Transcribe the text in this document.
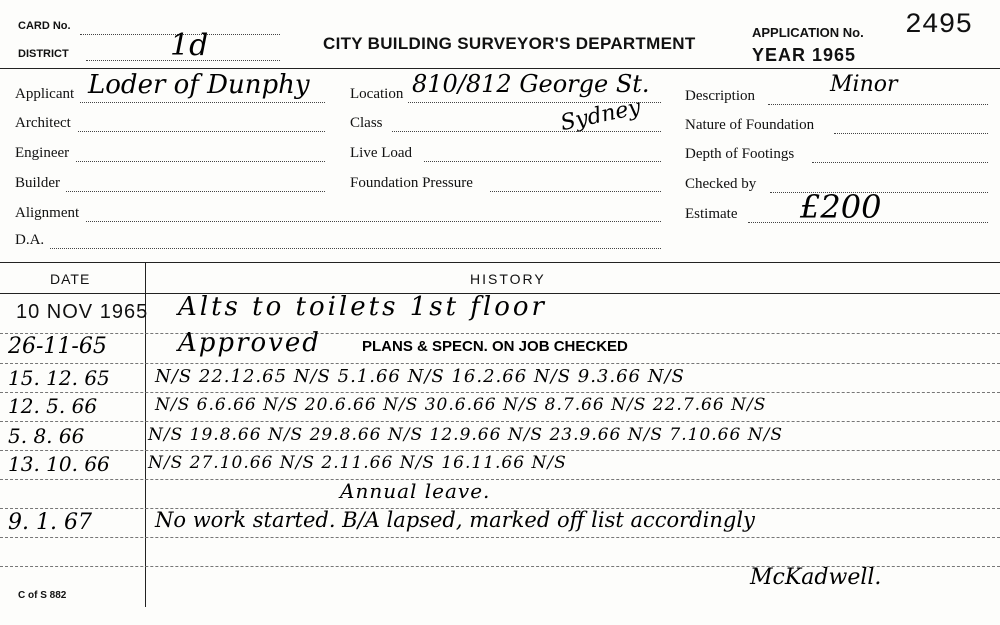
CARD No.
DISTRICT	1d	CITY BUILDING SURVEYOR'S DEPARTMENT
APPLICATION No. 2495
YEAR 1965
Applicant Loder of Dunphy
Architect
Engineer
Builder
Alignment
D.A.
Location 810/812 George St.
Sydney
Class
Live Load
Foundation Pressure
Description	Minor
Nature of Foundation
Depth of Footings
Checked by
Estimate £200
DATE	HISTORY
10 NOV 1965 Alts to toilets 1st floor
26-11-65	Approved	PLANS & SPECN. ON JOB CHECKED
15. 12. 65	N/S 22.12.65 N/S 5.1.66 N/S 16.2.66 N/S 9.3.66 N/S
12. 5. 66	N/S 6.6.66 N/S 20.6.66 N/S 30.6.66 N/S 8.7.66 N/S 22.7.66 N/S
5. 8. 66	N/S 19.8.66 N/S 29.8.66 N/S 12.9.66 N/S 23.9.66 N/S 7.10.66 N/S
13. 10. 66 N/S 27.10.66 N/S 2.11.66 N/S 16.11.66 N/S
Annual leave.
9. 1. 67	No work started. B/A lapsed, marked off list accordingly
McKadwell.
C of S 882
